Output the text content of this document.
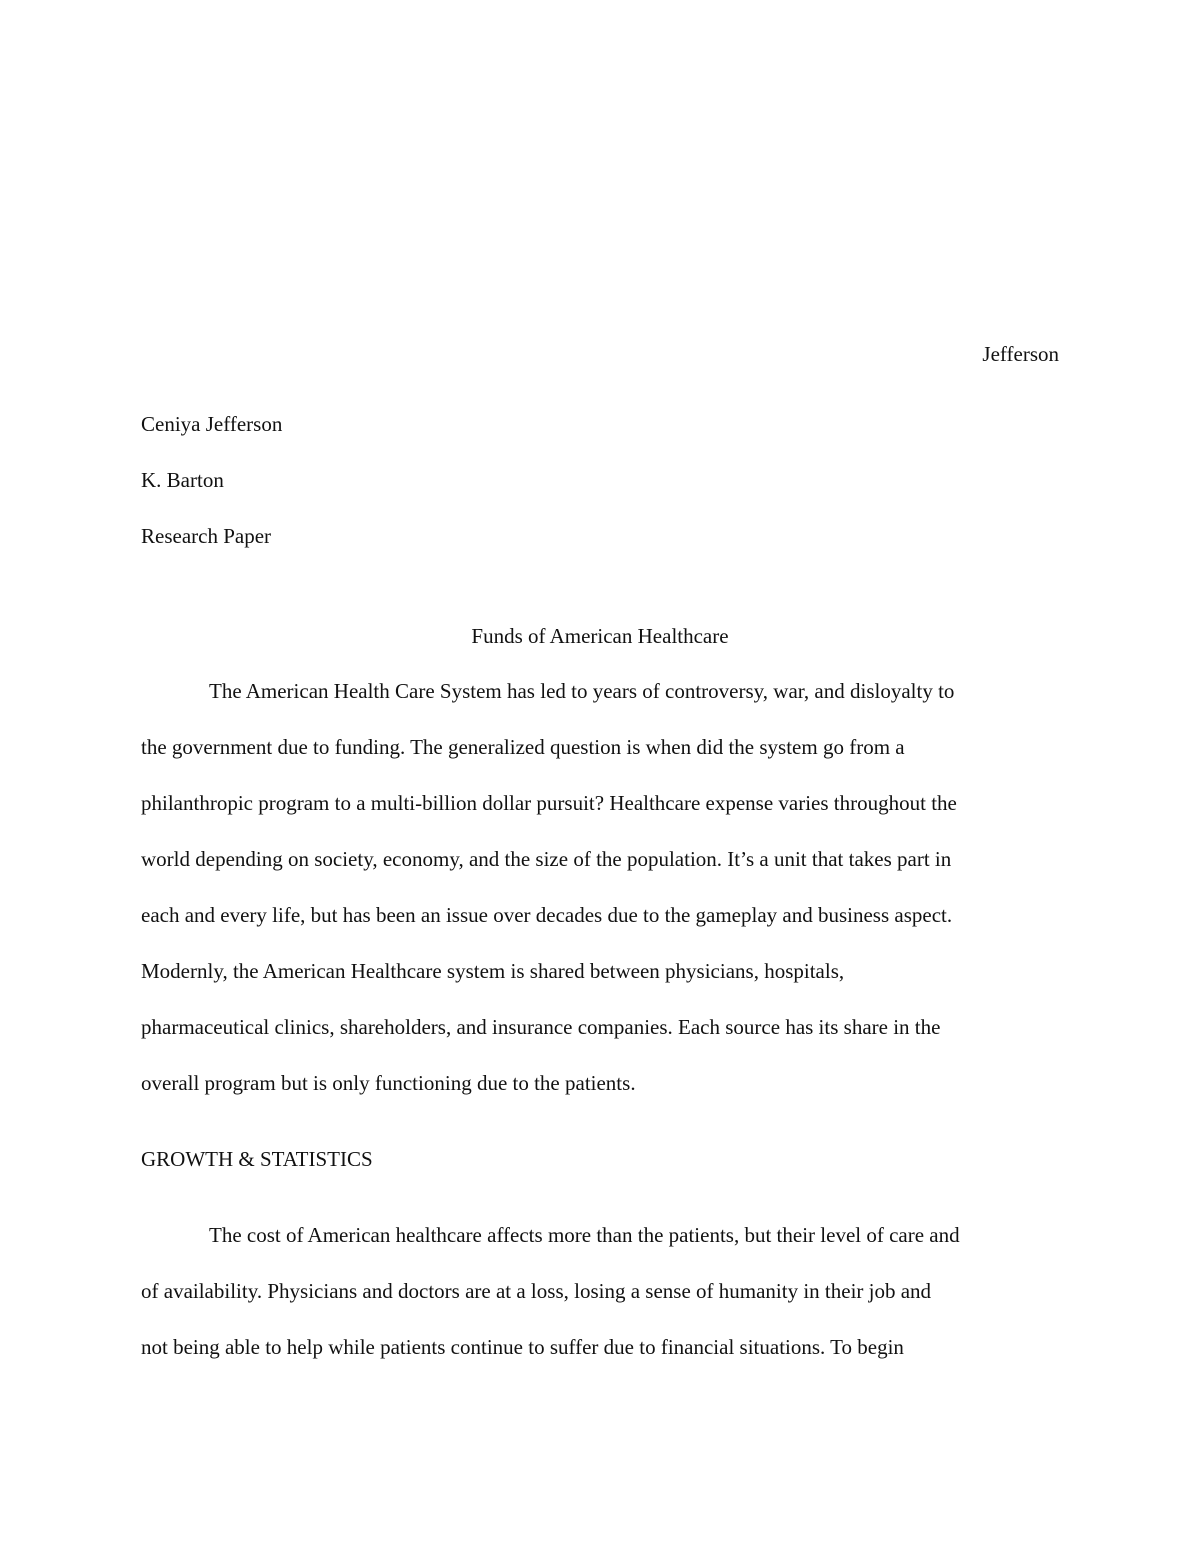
Jefferson
Ceniya Jefferson
K. Barton
Research Paper
Funds of American Healthcare
The American Health Care System has led to years of controversy, war, and disloyalty to
the government due to funding. The generalized question is when did the system go from a
philanthropic program to a multi-billion dollar pursuit? Healthcare expense varies throughout the
world depending on society, economy, and the size of the population. It’s a unit that takes part in
each and every life, but has been an issue over decades due to the gameplay and business aspect.
Modernly, the American Healthcare system is shared between physicians, hospitals,
pharmaceutical clinics, shareholders, and insurance companies. Each source has its share in the
overall program but is only functioning due to the patients.
GROWTH & STATISTICS
The cost of American healthcare affects more than the patients, but their level of care and
of availability. Physicians and doctors are at a loss, losing a sense of humanity in their job and
not being able to help while patients continue to suffer due to financial situations. To begin
